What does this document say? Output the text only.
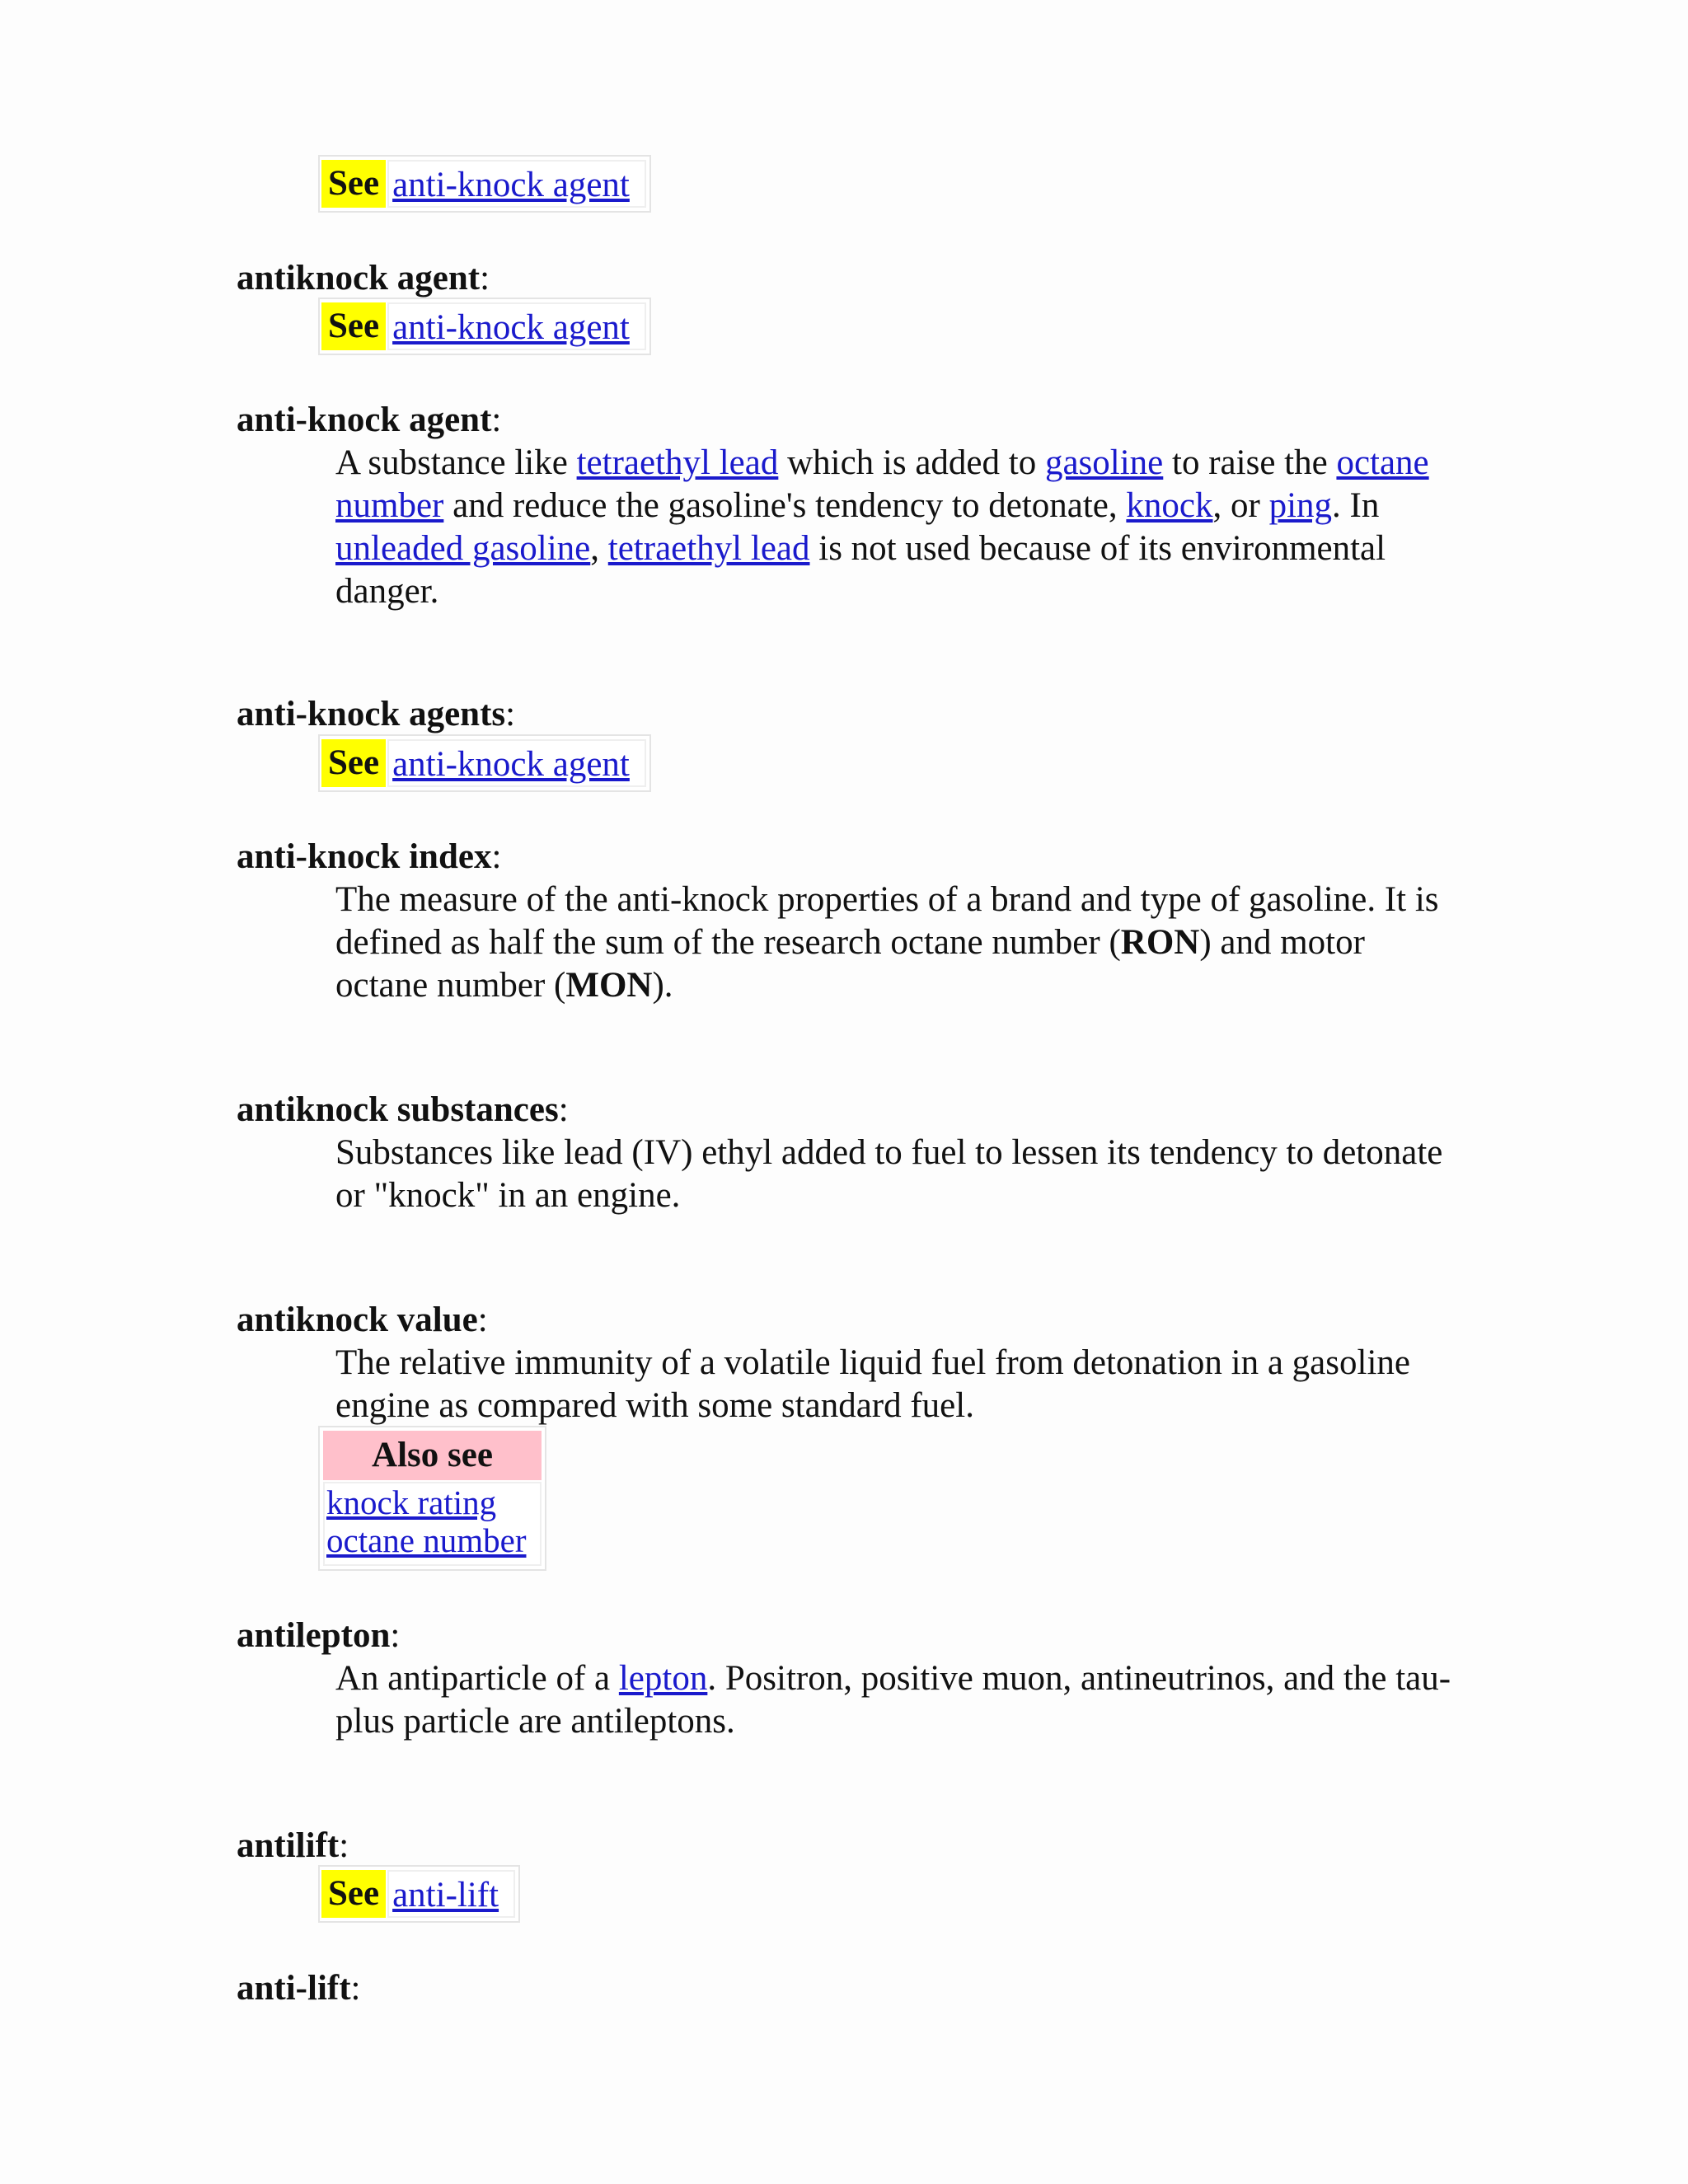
See anti-knock agent

antiknock agent:

See anti-knock agent

anti-knock agent:

A substance like tetraethyl lead which is added to gasoline to raise the octane number and reduce the gasoline's tendency to detonate, knock, or ping. In unleaded gasoline, tetraethyl lead is not used because of its environmental danger.

anti-knock agents:

See anti-knock agent

anti-knock index:

The measure of the anti-knock properties of a brand and type of gasoline. It is defined as half the sum of the research octane number (RON) and motor octane number (MON).

antiknock substances:

Substances like lead (IV) ethyl added to fuel to lessen its tendency to detonate or "knock" in an engine.

antiknock value:

The relative immunity of a volatile liquid fuel from detonation in a gasoline engine as compared with some standard fuel.

Also see
knock rating
octane number

antilepton:

An antiparticle of a lepton. Positron, positive muon, antineutrinos, and the tau- plus particle are antileptons.

antilift:

See anti-lift

anti-lift:
